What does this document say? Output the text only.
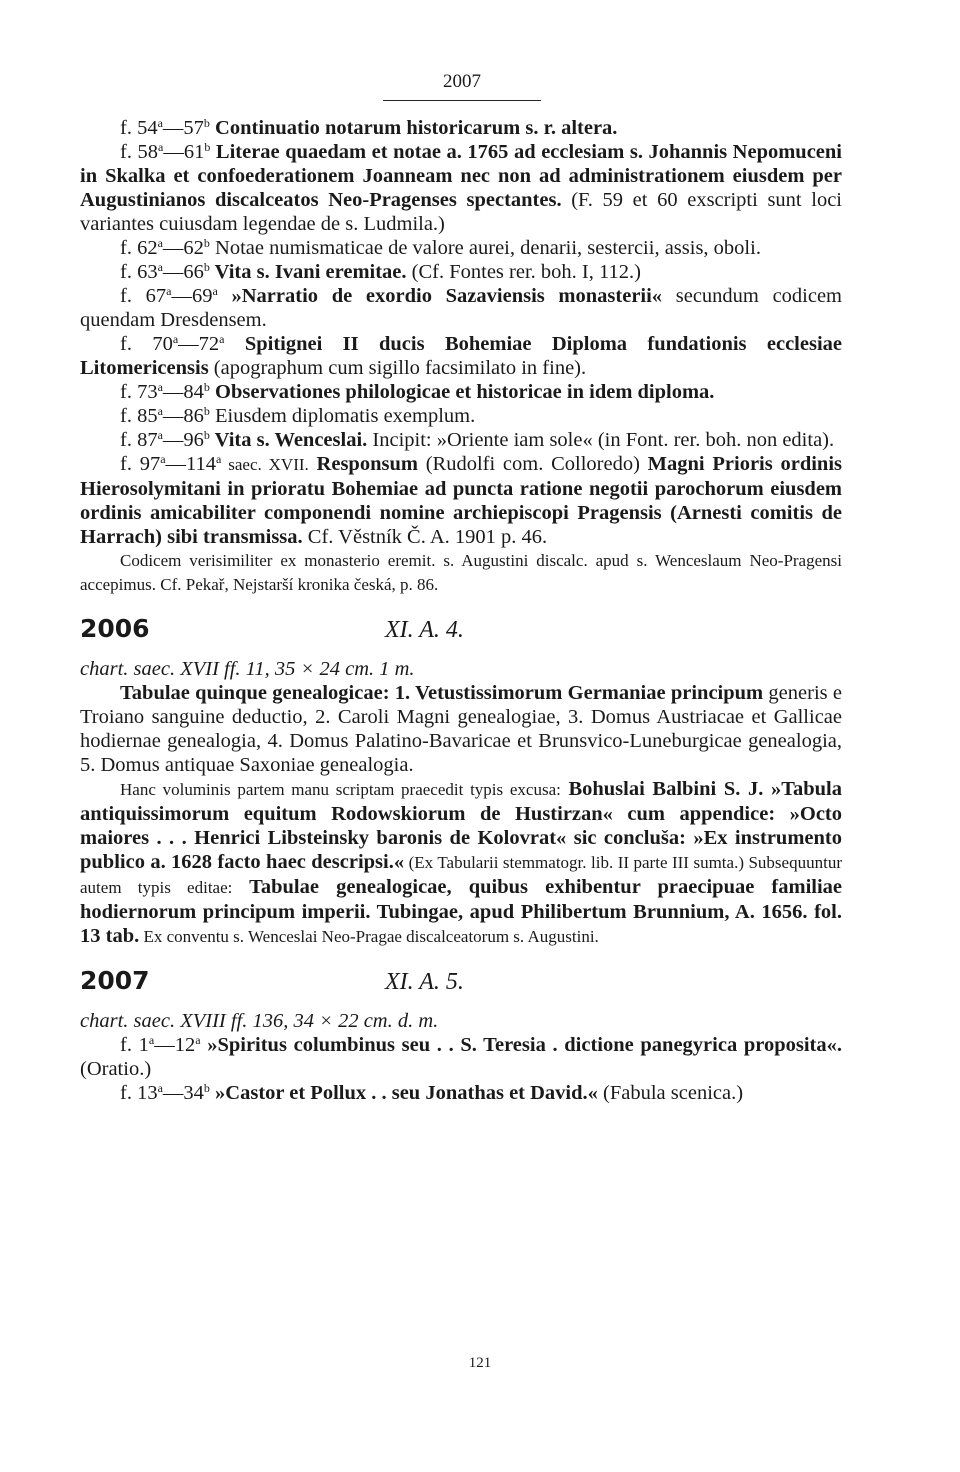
2007

f. 54$^a$—57$^b$ Continuatio notarum historicarum s. r. altera.

f. 58$^a$—61$^b$ Literae quaedam et notae a. 1765 ad ecclesiam s. Johannis Nepomuceni in Skalka et confoederationem Joanneam nec non ad administrationem eiusdem per Augustinianos discalceatos Neo-Pragenses spectantes. (F. 59 et 60 exscripti sunt loci variantes cuiusdam legendae de s. Ludmila.)

f. 62$^a$—62$^b$ Notae numismaticae de valore aurei, denarii, sestercii, assis, oboli.

f. 63$^a$—66$^b$ Vita s. Ivani eremitae. (Cf. Fontes rer. boh. I, 112.)

f. 67$^a$—69$^a$ »Narratio de exordio Sazaviensis monasterii« secundum codicem quendam Dresdensem.

f. 70$^a$—72$^a$ Spitignei II ducis Bohemiae Diploma fundationis ecclesiae Litomericensis (apographum cum sigillo facsimilato in fine).

f. 73$^a$—84$^b$ Observationes philologicae et historicae in idem diploma.

f. 85$^a$—86$^b$ Eiusdem diplomatis exemplum.

f. 87$^a$—96$^b$ Vita s. Wenceslai. Incipit: »Oriente iam sole« (in Font. rer. boh. non edita).

f. 97$^a$—114$^a$ saec. XVII. Responsum (Rudolfi com. Colloredo) Magni Prioris ordinis Hierosolymitani in prioratu Bohemiae ad puncta ratione negotii parochorum eiusdem ordinis amicabiliter componendi nomine archiepiscopi Pragensis (Arnesti comitis de Harrach) sibi transmissa. Cf. Věstník Č. A. 1901 p. 46.

Codicem verisimiliter ex monasterio eremit. s. Augustini discalc. apud s. Wenceslaum Neo-Pragensi accepimus. Cf. Pekař, Nejstarší kronika česká, p. 86.

2006	XI. A. 4.

chart. saec. XVII ff. 11, 35 × 24 cm. 1 m.

Tabulae quinque genealogicae: 1. Vetustissimorum Germaniae principum generis e Troiano sanguine deductio, 2. Caroli Magni genealogiae, 3. Domus Austriacae et Gallicae hodiernae genealogia, 4. Domus Palatino-Bavaricae et Brunsvico-Luneburgicae genealogia, 5. Domus antiquae Saxoniae genealogia.

Hanc voluminis partem manu scriptam praecedit typis excusa: Bohuslai Balbini S. J. »Tabula antiquissimorum equitum Rodowskiorum de Hustirzan« cum appendice: »Octo maiores . . . Henrici Libsteinsky baronis de Kolovrat« sic concluša: »Ex instrumento publico a. 1628 facto haec descripsi.« (Ex Tabularii stemmatogr. lib. II parte III sumta.) Subsequuntur autem typis editae: Tabulae genealogicae, quibus exhibentur praecipuae familiae hodiernorum principum imperii. Tubingae, apud Philibertum Brunnium, A. 1656. fol. 13 tab. Ex conventu s. Wenceslai Neo-Pragae discalceatorum s. Augustini.

2007	XI. A. 5.

chart. saec. XVIII ff. 136, 34 × 22 cm. d. m.

f. 1$^a$—12$^a$ »Spiritus columbinus seu . . S. Teresia . dictione panegyrica proposita«. (Oratio.)

f. 13$^a$—34$^b$ »Castor et Pollux . . seu Jonathas et David.« (Fabula scenica.)

121
